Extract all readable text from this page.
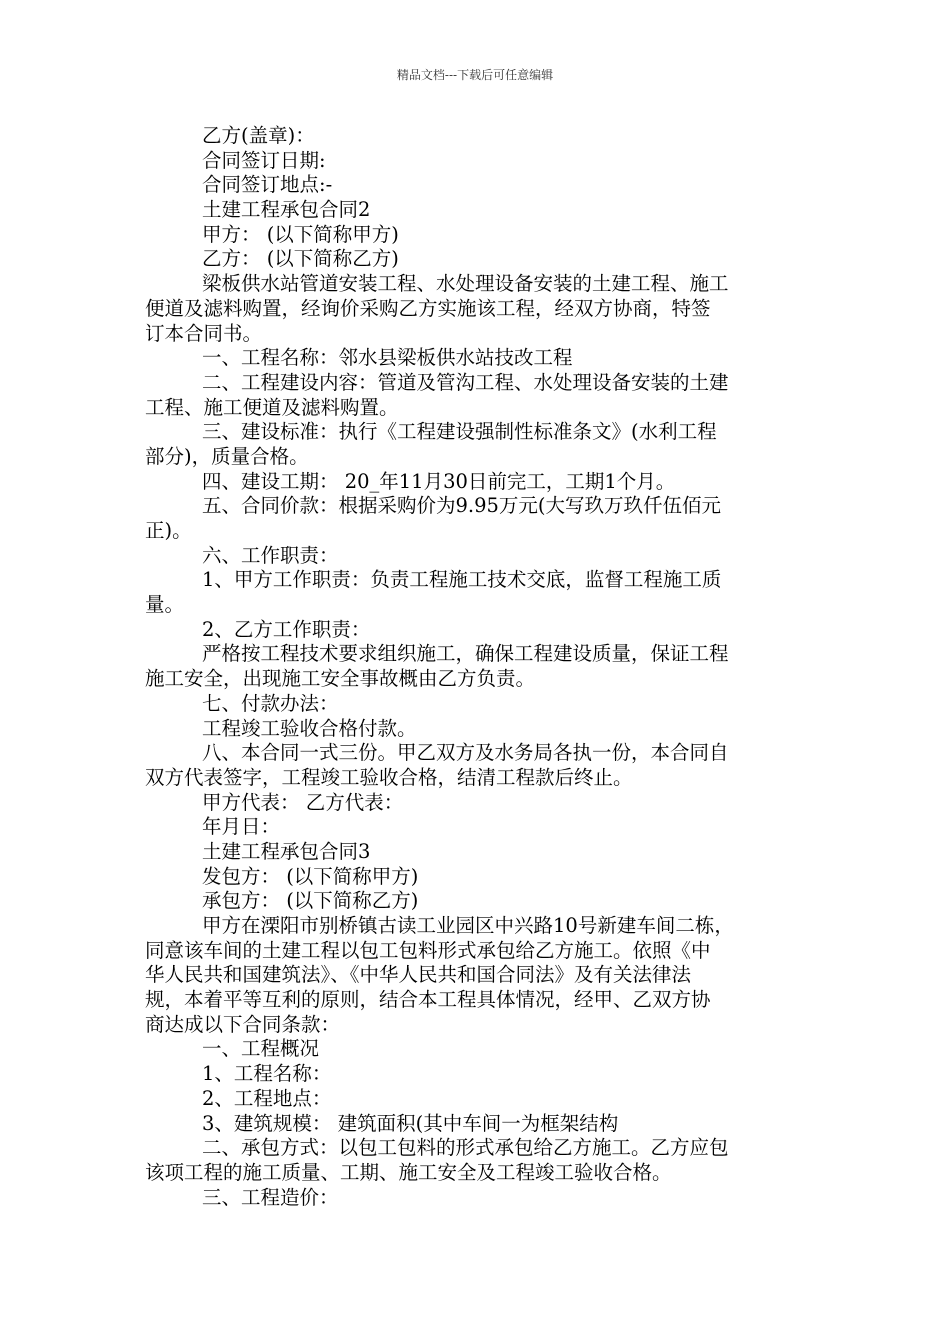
精品文档---下载后可任意编辑
乙方(盖章)：
合同签订日期:
合同签订地点:-
土建工程承包合同2
甲方： (以下简称甲方)
乙方： (以下简称乙方)
梁板供水站管道安装工程、水处理设备安装的土建工程、施工
便道及滤料购置，经询价采购乙方实施该工程，经双方协商，特签
订本合同书。
一、工程名称：邻水县梁板供水站技改工程
二、工程建设内容：管道及管沟工程、水处理设备安装的土建
工程、施工便道及滤料购置。
三、建设标准：执行《工程建设强制性标准条文》(水利工程
部分)，质量合格。
四、建设工期： 20_年11月30日前完工，工期1个月。
五、合同价款：根据采购价为9.95万元(大写玖万玖仟伍佰元
正)。
六、工作职责：
1、甲方工作职责：负责工程施工技术交底，监督工程施工质
量。
2、乙方工作职责：
严格按工程技术要求组织施工，确保工程建设质量，保证工程
施工安全，出现施工安全事故概由乙方负责。
七、付款办法：
工程竣工验收合格付款。
八、本合同一式三份。甲乙双方及水务局各执一份，本合同自
双方代表签字，工程竣工验收合格，结清工程款后终止。
甲方代表： 乙方代表：
年月日：
土建工程承包合同3
发包方： (以下简称甲方)
承包方： (以下简称乙方)
甲方在溧阳市别桥镇古读工业园区中兴路10号新建车间二栋，
同意该车间的土建工程以包工包料形式承包给乙方施工。依照《中
华人民共和国建筑法》、《中华人民共和国合同法》及有关法律法
规，本着平等互利的原则，结合本工程具体情况，经甲、乙双方协
商达成以下合同条款：
一、工程概况
1、工程名称：
2、工程地点：
3、建筑规模： 建筑面积(其中车间一为框架结构
二、承包方式：以包工包料的形式承包给乙方施工。乙方应包
该项工程的施工质量、工期、施工安全及工程竣工验收合格。
三、工程造价：
